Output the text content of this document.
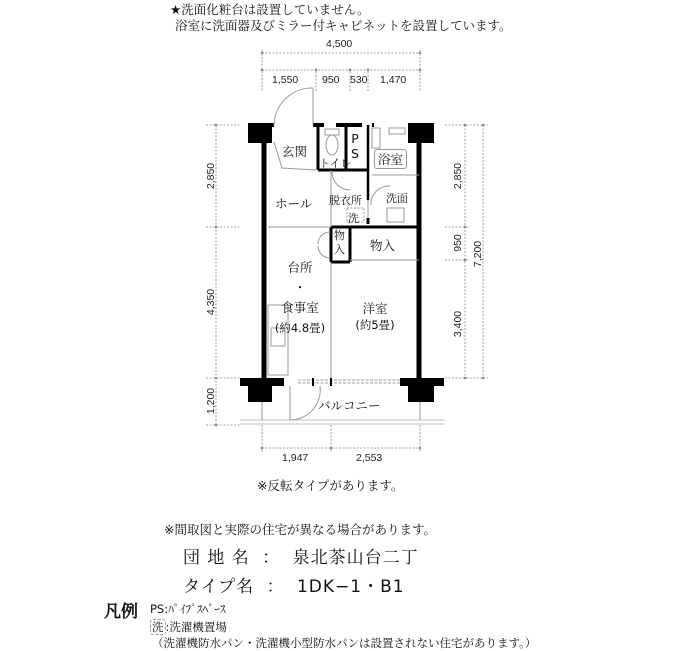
★洗面化粧台は設置していません。
浴室に洗面器及びミラー付キャビネットを設置しています。
4,500
1,550 950 530 1,470
2,850
4,350
1,200
2,850
950
3,400
7,200
1,947	2,553
玄関
トイレ
P
S	浴室
ホール 脱衣所
洗
洗面
物
入 物入
台所
・
食事室
(約4.8畳)
洋室
(約5畳)
バルコニー
※反転タイプがあります。
※間取図と実際の住宅が異なる場合があります。
団 地 名 ： 泉北茶山台二丁
タイプ名 ： 1DK−1・B1
凡例 PS:ﾊﾟｲﾌﾟｽﾍﾟｰｽ
洗 :洗濯機置場
（洗濯機防水パン・洗濯機小型防水パンは設置されない住宅があります。）
